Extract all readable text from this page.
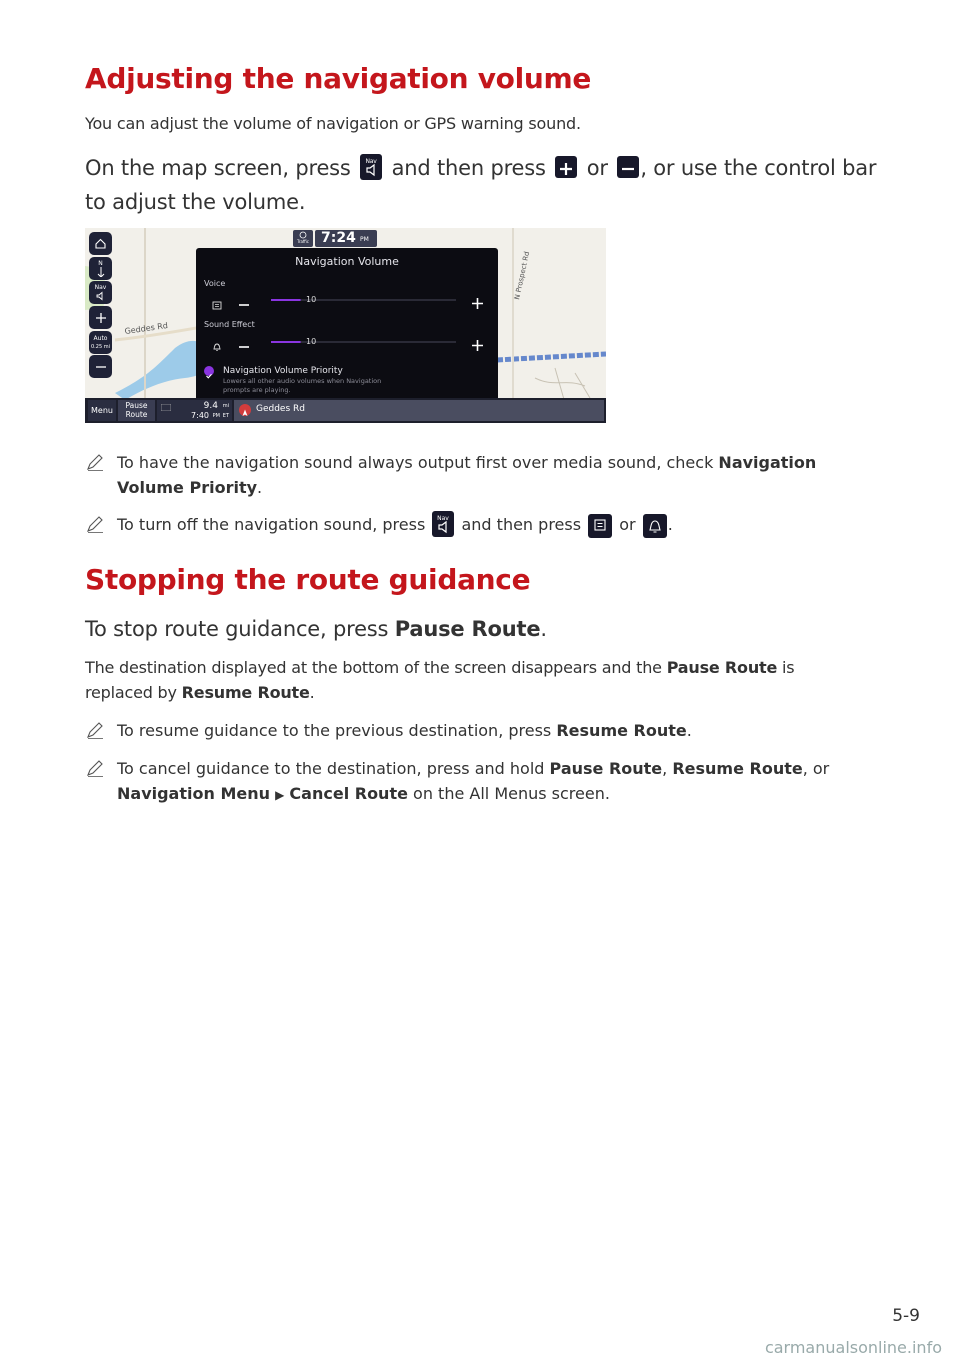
Adjusting the navigation volume
You can adjust the volume of navigation or GPS warning sound.
On the map screen, press Nav and then press or , or use the control bar
to adjust the volume.
Geddes Rd
N Prospect Rd
N
Nav
Auto
0.25 mi
Traffic 7:24 PM
Navigation Volume
Voice
10
Sound Effect
10
Navigation Volume Priority
Lowers all other audio volumes when Navigation
prompts are playing.
Menu
Pause
Route
9.4 mi
7:40 PM ET
Geddes Rd
To have the navigation sound always output first over media sound, check Navigation
Volume Priority.
To turn off the navigation sound, press Nav and then press or .
Stopping the route guidance
To stop route guidance, press Pause Route.
The destination displayed at the bottom of the screen disappears and the Pause Route is
replaced by Resume Route.
To resume guidance to the previous destination, press Resume Route.
To cancel guidance to the destination, press and hold Pause Route, Resume Route, or
Navigation Menu ▶ Cancel Route on the All Menus screen.
5-9
carmanualsonline.info
